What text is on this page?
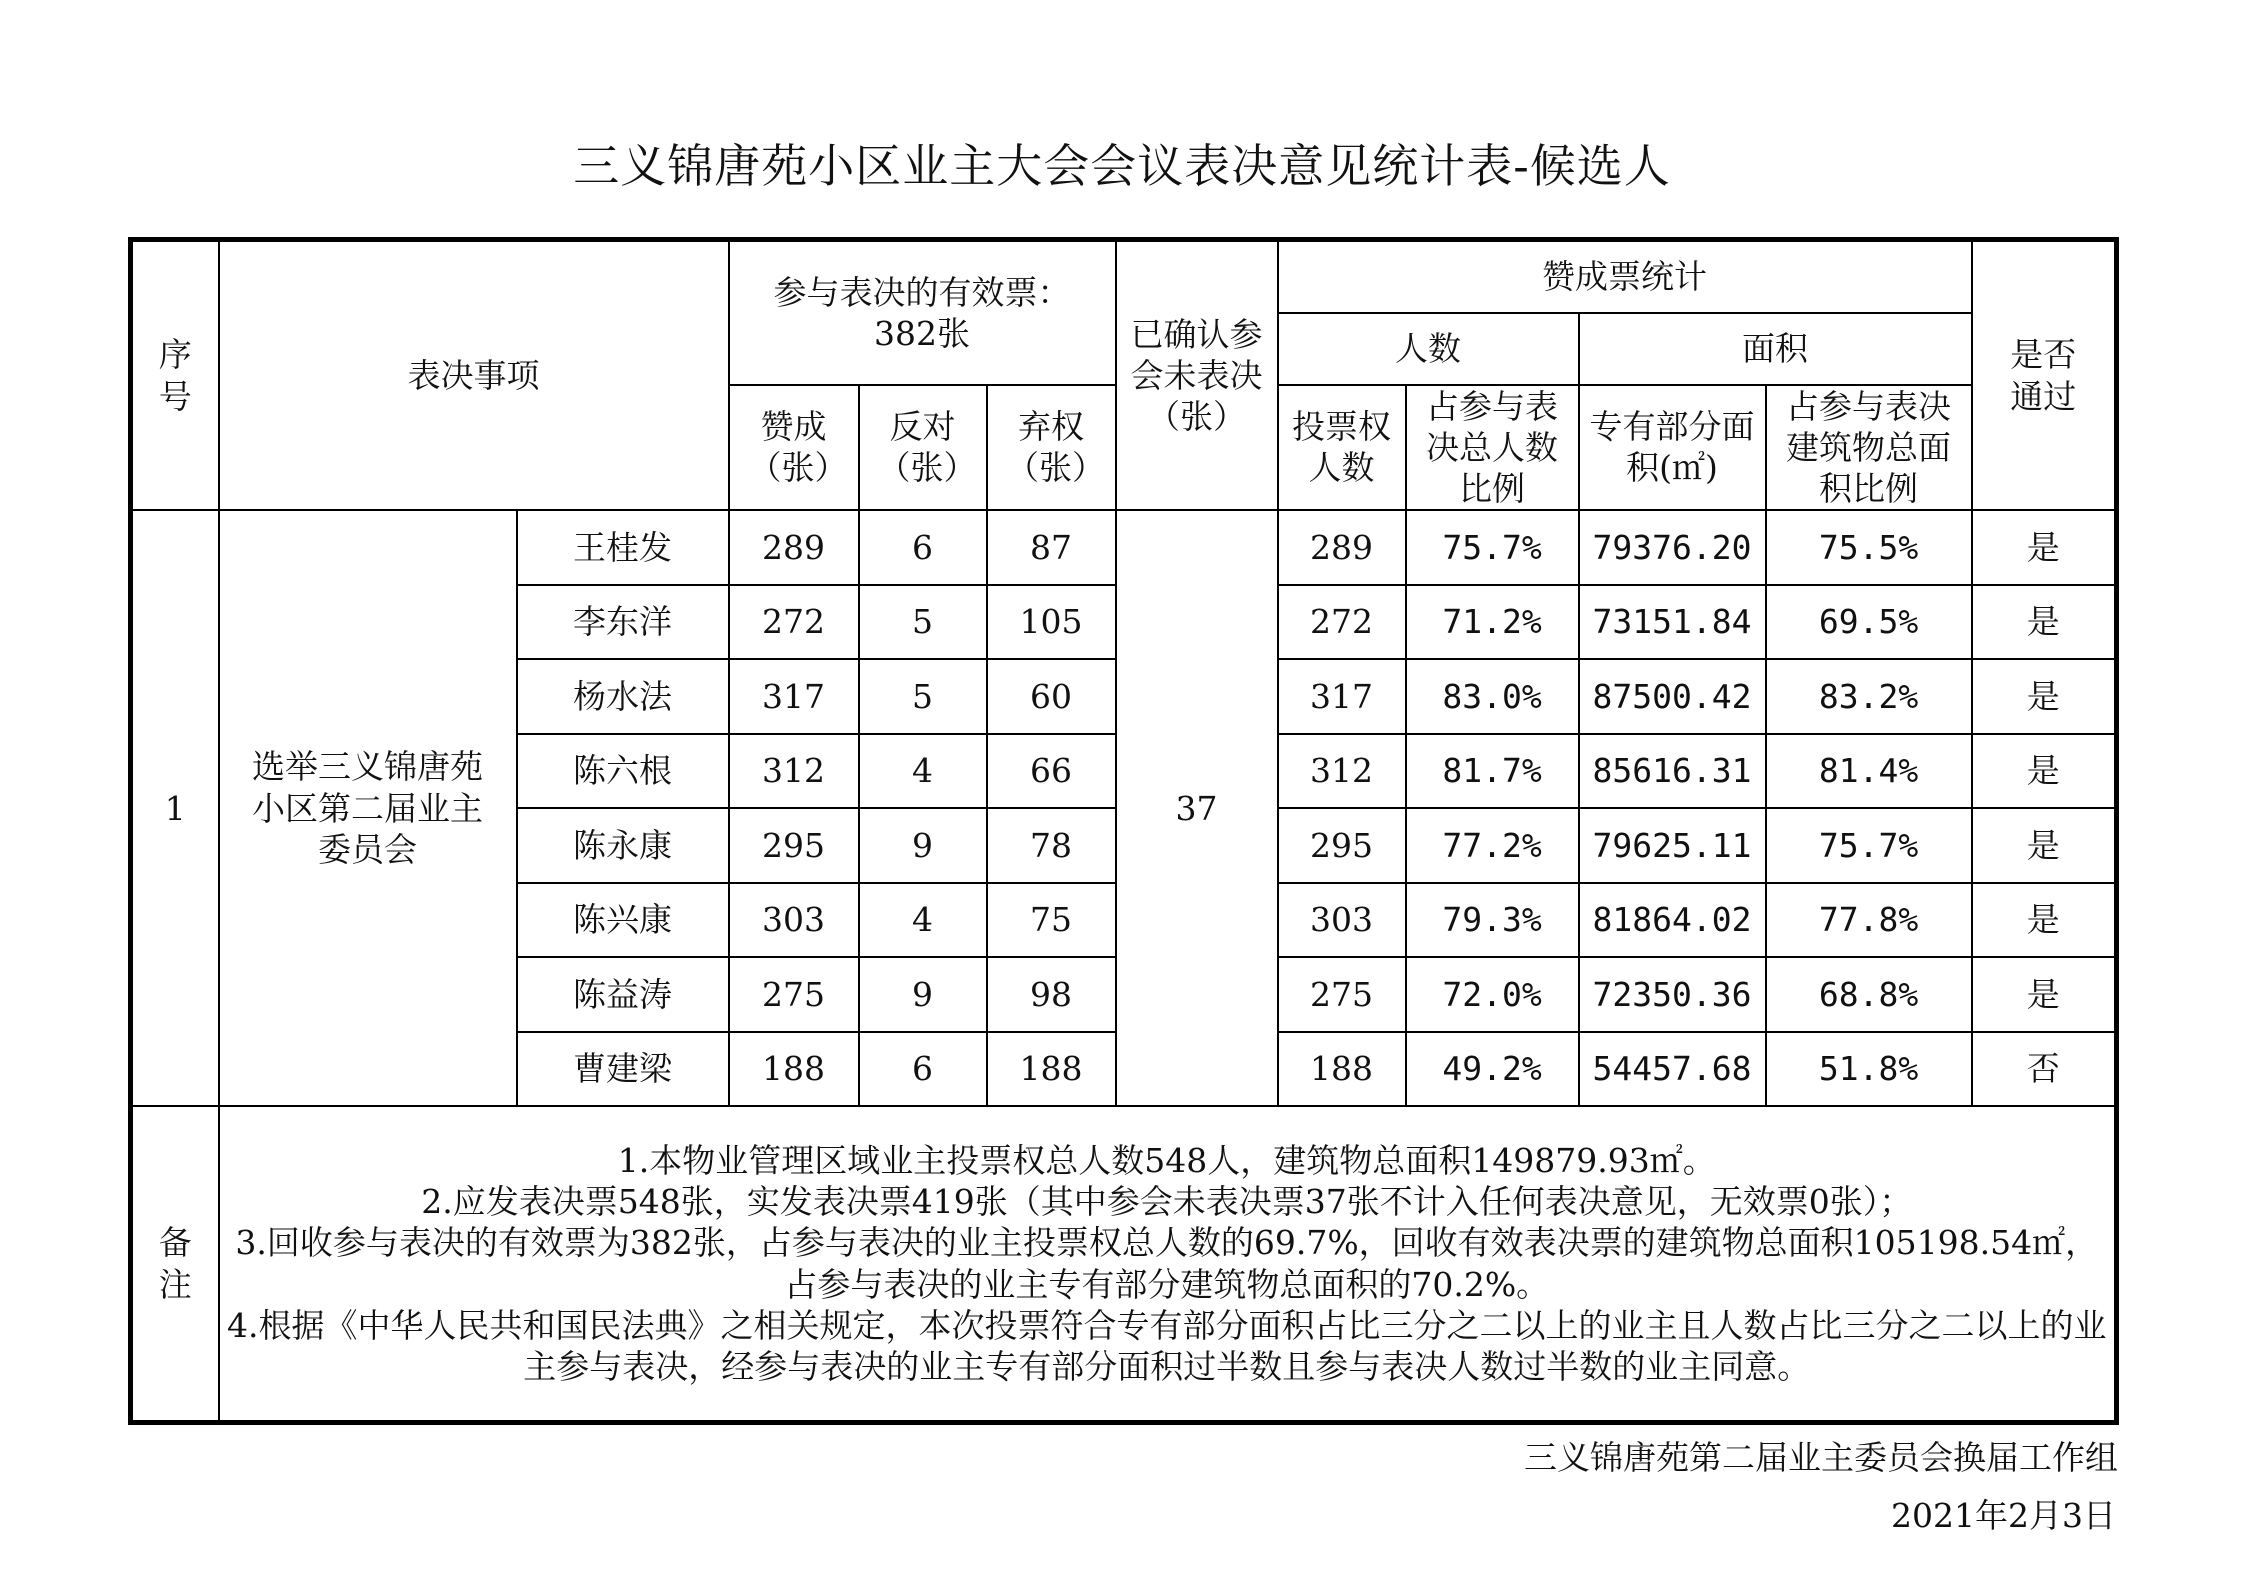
三义锦唐苑小区业主大会会议表决意见统计表-候选人
序号	表决事项		参与表决的有效票：382张			已确认参会未表决（张）	赞成票统计				是否通过
							人数		面积		
			赞成（张）	反对（张）	弃权（张）		投票权人数	占参与表决总人数比例	专有部分面积(㎡)	占参与表决建筑物总面积比例	
1	选举三义锦唐苑小区第二届业主委员会	王桂发	289	6	87	37	289	75.7%	79376.20	75.5%	是
		李东洋	272	5	105		272	71.2%	73151.84	69.5%	是
		杨水法	317	5	60		317	83.0%	87500.42	83.2%	是
		陈六根	312	4	66		312	81.7%	85616.31	81.4%	是
		陈永康	295	9	78		295	77.2%	79625.11	75.7%	是
		陈兴康	303	4	75		303	79.3%	81864.02	77.8%	是
		陈益涛	275	9	98		275	72.0%	72350.36	68.8%	是
		曹建梁	188	6	188		188	49.2%	54457.68	51.8%	否
备注	1.本物业管理区域业主投票权总人数548人，建筑物总面积149879.93㎡。
2.应发表决票548张，实发表决票419张（其中参会未表决票37张不计入任何表决意见，无效票0张）；
3.回收参与表决的有效票为382张，占参与表决的业主投票权总人数的69.7%，回收有效表决票的建筑物总面积105198.54㎡，占参与表决的业主专有部分建筑物总面积的70.2%。
4.根据《中华人民共和国民法典》之相关规定，本次投票符合专有部分面积占比三分之二以上的业主且人数占比三分之二以上的业主参与表决，经参与表决的业主专有部分面积过半数且参与表决人数过半数的业主同意。										
三义锦唐苑第二届业主委员会换届工作组
2021年2月3日
